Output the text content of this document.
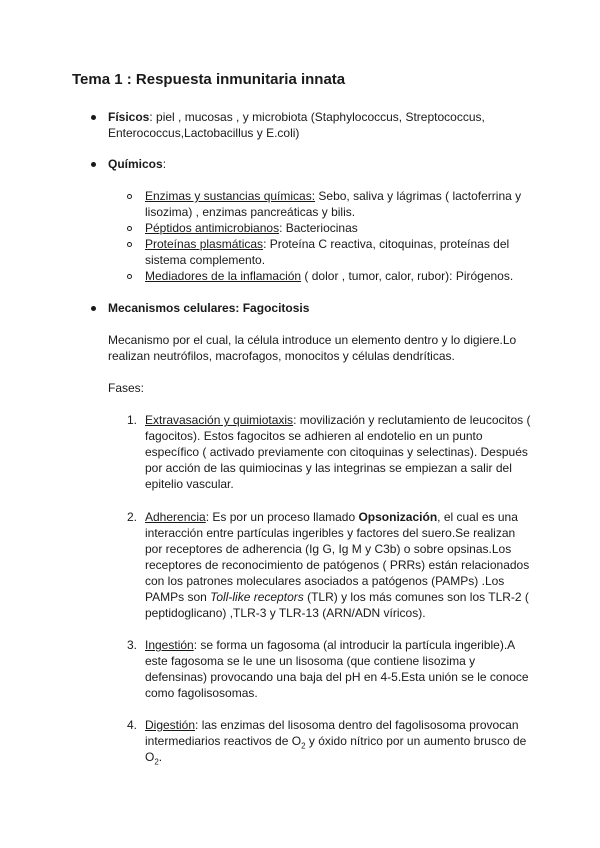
Tema 1 : Respuesta inmunitaria innata
Físicos: piel , mucosas , y microbiota (Staphylococcus, Streptococcus, Enterococcus,Lactobacillus y E.coli)
Químicos:
Enzimas y sustancias químicas: Sebo, saliva y lágrimas ( lactoferrina y lisozima) , enzimas pancreáticas y bilis.
Péptidos antimicrobianos: Bacteriocinas
Proteínas plasmáticas: Proteína C reactiva, citoquinas, proteínas del sistema complemento.
Mediadores de la inflamación ( dolor , tumor, calor, rubor): Pirógenos.
Mecanismos celulares: Fagocitosis
Mecanismo por el cual, la célula introduce un elemento dentro y lo digiere.Lo realizan neutrófilos, macrofagos, monocitos y células dendríticas.
Fases:
1. Extravasación y quimiotaxis: movilización y reclutamiento de leucocitos ( fagocitos). Estos fagocitos se adhieren al endotelio en un punto específico ( activado previamente con citoquinas y selectinas). Después por acción de las quimiocinas y las integrinas se empiezan a salir del epitelio vascular.
2. Adherencia: Es por un proceso llamado Opsonización, el cual es una interacción entre partículas ingeribles y factores del suero.Se realizan por receptores de adherencia (Ig G, Ig M y C3b) o sobre opsinas.Los receptores de reconocimiento de patógenos ( PRRs) están relacionados con los patrones moleculares asociados a patógenos (PAMPs) .Los PAMPs son Toll-like receptors (TLR) y los más comunes son los TLR-2 ( peptidoglicano) ,TLR-3 y TLR-13 (ARN/ADN víricos).
3. Ingestión: se forma un fagosoma (al introducir la partícula ingerible).A este fagosoma se le une un lisosoma (que contiene lisozima y defensinas) provocando una baja del pH en 4-5.Esta unión se le conoce como fagolisosomas.
4. Digestión: las enzimas del lisosoma dentro del fagolisosoma provocan intermediarios reactivos de $O_2$ y óxido nítrico por un aumento brusco de $O_2$.
